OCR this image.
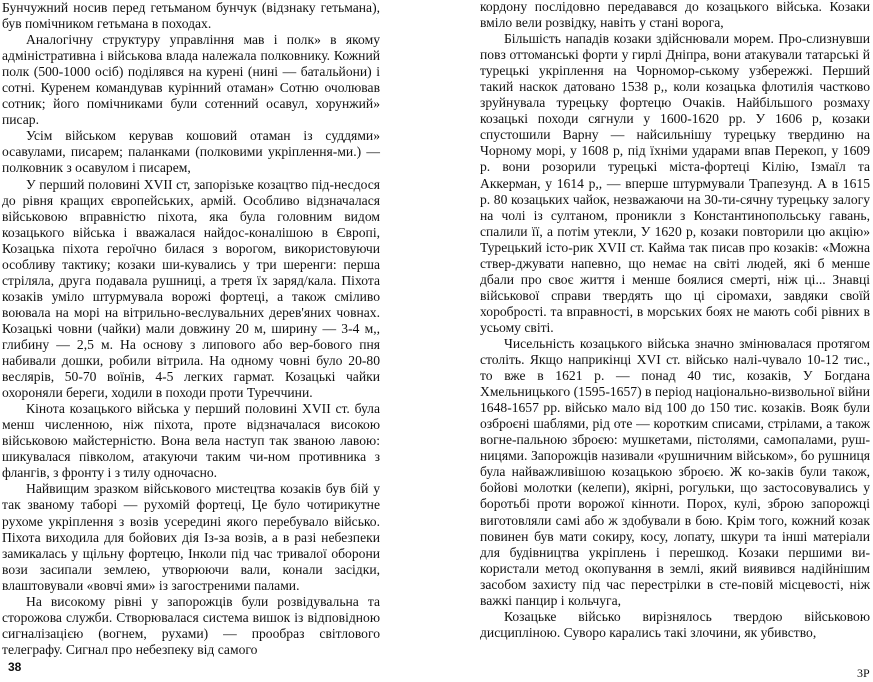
Бунчужний носив перед гетьманом бунчук (відзнаку гетьмана), був помічником гетьмана в походах.

Аналогічну структуру управління мав і полк» в якому адміністративна і військова влада належала полковнику. Кожний полк (500-1000 осіб) поділявся на курені (нині — батальйони) і сотні. Куренем командував курінний отаман» Сотню очолював сотник; його помічниками були сотенний осавул, хорунжий» писар.

Усім військом керував кошовий отаман із суддями» осавулами, писарем; паланками (полковими укріплення-ми.) — полковник з осавулом і писарем,

У перший половині XVII ст, запорізьке козацтво під-несдося до рівня кращих європейських, армій. Особливо відзначалася військовою вправністю піхота, яка була головним видом козацького війська і вважалася найдос-коналішою в Європі, Козацька піхота героїчно билася з ворогом, використовуючи особливу тактику; козаки ши-кувались у три шеренги: перша стріляла, друга подавала рушниці, а третя їх заряд/кала. Піхота козаків уміло штурмувала ворожі фортеці, а також сміливо воювала на морі на вітрильно-веслувальних дерев'яних човнах. Козацькі човни (чайки) мали довжину 20 м, ширину — 3-4 м,, глибину — 2,5 м. На основу з липового або вер-бового пня набивали дошки, робили вітрила. На одному човні було 20-80 веслярів, 50-70 воїнів, 4-5 легких гармат. Козацькі чайки охороняли береги, ходили в походи проти Туреччини.

Кінота козацького війська у перший половині XVII ст. була менш численною, ніж піхота, проте відзначалася високою військовою майстерністю. Вона вела наступ так званою лавою: шикувалася півколом, атакуючи таким чи-ном противника з флангів, з фронту і з тилу одночасно.

Найвищим зразком військового мистецтва козаків був бій у так званому таборі — рухомій фортеці, Це було чотирикутне рухоме укріплення з возів усередині якого перебувало військо. Піхота виходила для бойових дія Із-за возів, а в разі небезпеки замикалась у щільну фортецю, Інколи під час тривалої оборони вози засипали землею, утворюючи вали, конали засідки, влаштовували «вовчі ями» із загостреними палами.

На високому рівні у запорожців були розвідувальна та сторожова служби. Створювалася система вишок із відповідною сигналізацією (вогнем, рухами) — прообраз світлового телеграфу. Сигнал про небезпеку від самого

кордону послідовно передавався до козацького війська. Козаки вміло вели розвідку, навіть у стані ворога,

Більшість нападів козаки здійснювали морем. Про-слизнувши повз оттоманські форти у гирлі Дніпра, вони атакували татарські й турецькі укріплення на Чорномор-ському узбережжі. Перший такий наскок датовано 1538 р,, коли козацька флотилія частково зруйнувала турецьку фортецю Очаків. Найбільшого розмаху козацькі походи сягнули у 1600-1620 рр. У 1606 р, козаки спустошили Варну — найсильнішу турецьку твердиню на Чорному морі, у 1608 р, під їхніми ударами впав Перекоп, у 1609 р. вони розорили турецькі міста-фортеці Кілію, Ізмаїл та Аккерман, у 1614 р,, — вперше штурмували Трапезунд. А в 1615 р. 80 козацьких чайок, незважаючи на 30-ти-сячну турецьку залогу на чолі із султаном, проникли з Константинопольську гавань, спалили її, а потім утекли, У 1620 р, козаки повторили цю акцію» Турецький істо-рик XVII ст. Кайма так писав про козаків: «Можна ствер-джувати напевно, що немає на світі людей, які б менше дбали про своє життя і менше боялися смерті, ніж ці... Знавці військової справи твердять що ці сіромахи, завдяки своїй хоробрості. та вправності, в морських боях не мають собі рівних в усьому світі.

Чисельність козацького війська значно змінювалася протягом століть. Якщо наприкінці XVI ст. військо налі-чувало 10-12 тис., то вже в 1621 р. — понад 40 тис, козаків, У Богдана Хмельницького (1595-1657) в період національно-визвольної війни 1648-1657 рр. військо мало від 100 до 150 тис. козаків. Вояк були озброєні шаблями, рід оте — коротким списами, стрілами, а також вогне-пальною зброєю: мушкетами, пістолями, самопалами, руш-ницями. Запорожців називали «рушничним військом», бо рушниця була найважливішою козацькою зброєю. Ж ко-заків були також, бойові молотки (келепи), якірні, рогульки, що застосовувались у боротьбі проти ворожої кінноти. Порох, кулі, зброю запорожці виготовляли самі або ж здобували в бою. Крім того, кожний козак повинен був мати сокиру, косу, лопату, шкури та інші матеріали для будівництва укріплень і перешкод. Козаки першими ви-користали метод окопування в землі, який виявився надійнішим засобом захисту під час перестрілки в сте-повій місцевості, ніж важкі панцир і кольчуга,

Козацьке військо вирізнялось твердою військовою дисципліною. Суворо карались такі злочини, як убивство,

38	3Р
